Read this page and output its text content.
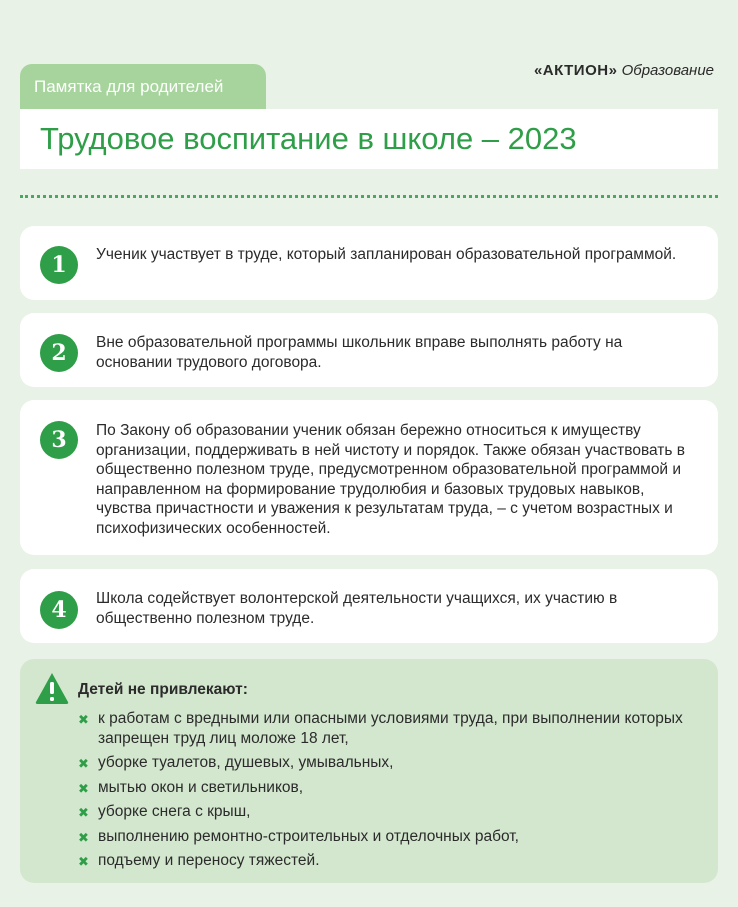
Памятка для родителей
«АКТИОН» Образование
Трудовое воспитание в школе – 2023
1	Ученик участвует в труде, который запланирован образовательной программой.
2	Вне образовательной программы школьник вправе выполнять работу на основании трудового договора.
3	По Закону об образовании ученик обязан бережно относиться к имуществу организации, поддерживать в ней чистоту и порядок. Также обязан участвовать в общественно полезном труде, предусмотренном образовательной программой и направленном на формирование трудолюбия и базовых трудовых навыков, чувства причастности и уважения к результатам труда, – с учетом возрастных и психофизических особенностей.
4	Школа содействует волонтерской деятельности учащихся, их участию в общественно полезном труде.
Детей не привлекают:
✖ к работам с вредными или опасными условиями труда, при выполнении которых запрещен труд лиц моложе 18 лет,
✖ уборке туалетов, душевых, умывальных,
✖ мытью окон и светильников,
✖ уборке снега с крыш,
✖ выполнению ремонтно-строительных и отделочных работ,
✖ подъему и переносу тяжестей.
